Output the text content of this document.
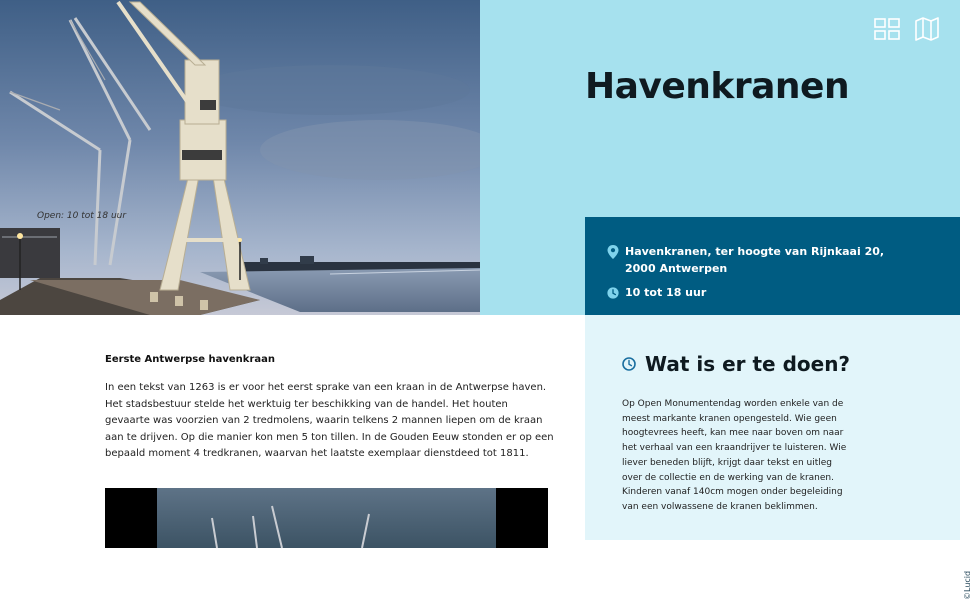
©Lucid
Havenkranen
Havenkranen, ter hoogte van Rijnkaai 20,
2000 Antwerpen
10 tot 18 uur
Eerste Antwerpse havenkraan

In een tekst van 1263 is er voor het eerst sprake van een kraan in de Antwerpse haven. Het stadsbestuur stelde het werktuig ter beschikking van de handel. Het houten gevaarte was voorzien van 2 tredmolens, waarin telkens 2 mannen liepen om de kraan aan te drijven. Op die manier kon men 5 ton tillen. In de Gouden Eeuw stonden er op een bepaald moment 4 tredkranen, waarvan het laatste exemplaar dienstdeed tot 1811.

Wat is er te doen?

Op Open Monumentendag worden enkele van de meest markante kranen opengesteld. Wie geen hoogtevrees heeft, kan mee naar boven om naar het verhaal van een kraandrijver te luisteren. Wie liever beneden blijft, krijgt daar tekst en uitleg over de collectie en de werking van de kranen. Kinderen vanaf 140cm mogen onder begeleiding van een volwassene de kranen beklimmen.

Open: 10 tot 18 uur
